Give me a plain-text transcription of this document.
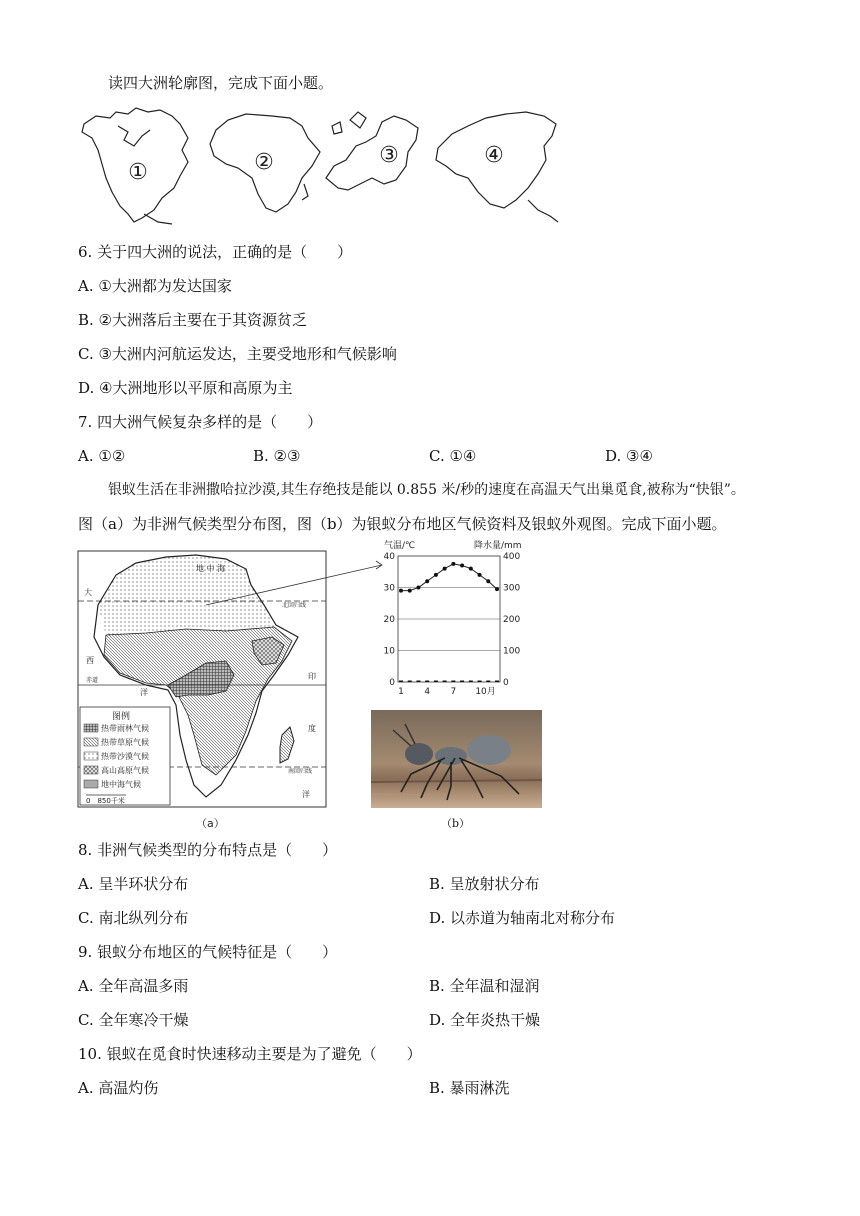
读四大洲轮廓图，完成下面小题。
①	②	③	④
6. 关于四大洲的说法，正确的是（　　）
A. ①大洲都为发达国家
B. ②大洲落后主要在于其资源贫乏
C. ③大洲内河航运发达，主要受地形和气候影响
D. ④大洲地形以平原和高原为主
7. 四大洲气候复杂多样的是（　　）
A. ①②	B. ②③	C. ①④	D. ③④
银蚁生活在非洲撒哈拉沙漠,其生存绝技是能以 0.855 米/秒的速度在高温天气出巢觅食,被称为“快银”。
图（a）为非洲气候类型分布图，图（b）为银蚁分布地区气候资料及银蚁外观图。完成下面小题。
地 中 海
大
西
洋
印
度
洋
北回归线
赤道
南回归线
图例
热带雨林气候
热带草原气候
热带沙漠气候
高山高原气候
地中海气候
0　850千米
（a）
气温/℃	降水量/mm
40
30
20
10
0
400
300
200
100
0
1 4 7 10月
（b）
8. 非洲气候类型的分布特点是（　　）
A. 呈半环状分布	B. 呈放射状分布
C. 南北纵列分布	D. 以赤道为轴南北对称分布
9. 银蚁分布地区的气候特征是（　　）
A. 全年高温多雨	B. 全年温和湿润
C. 全年寒冷干燥	D. 全年炎热干燥
10. 银蚁在觅食时快速移动主要是为了避免（　　）
A. 高温灼伤	B. 暴雨淋洗
